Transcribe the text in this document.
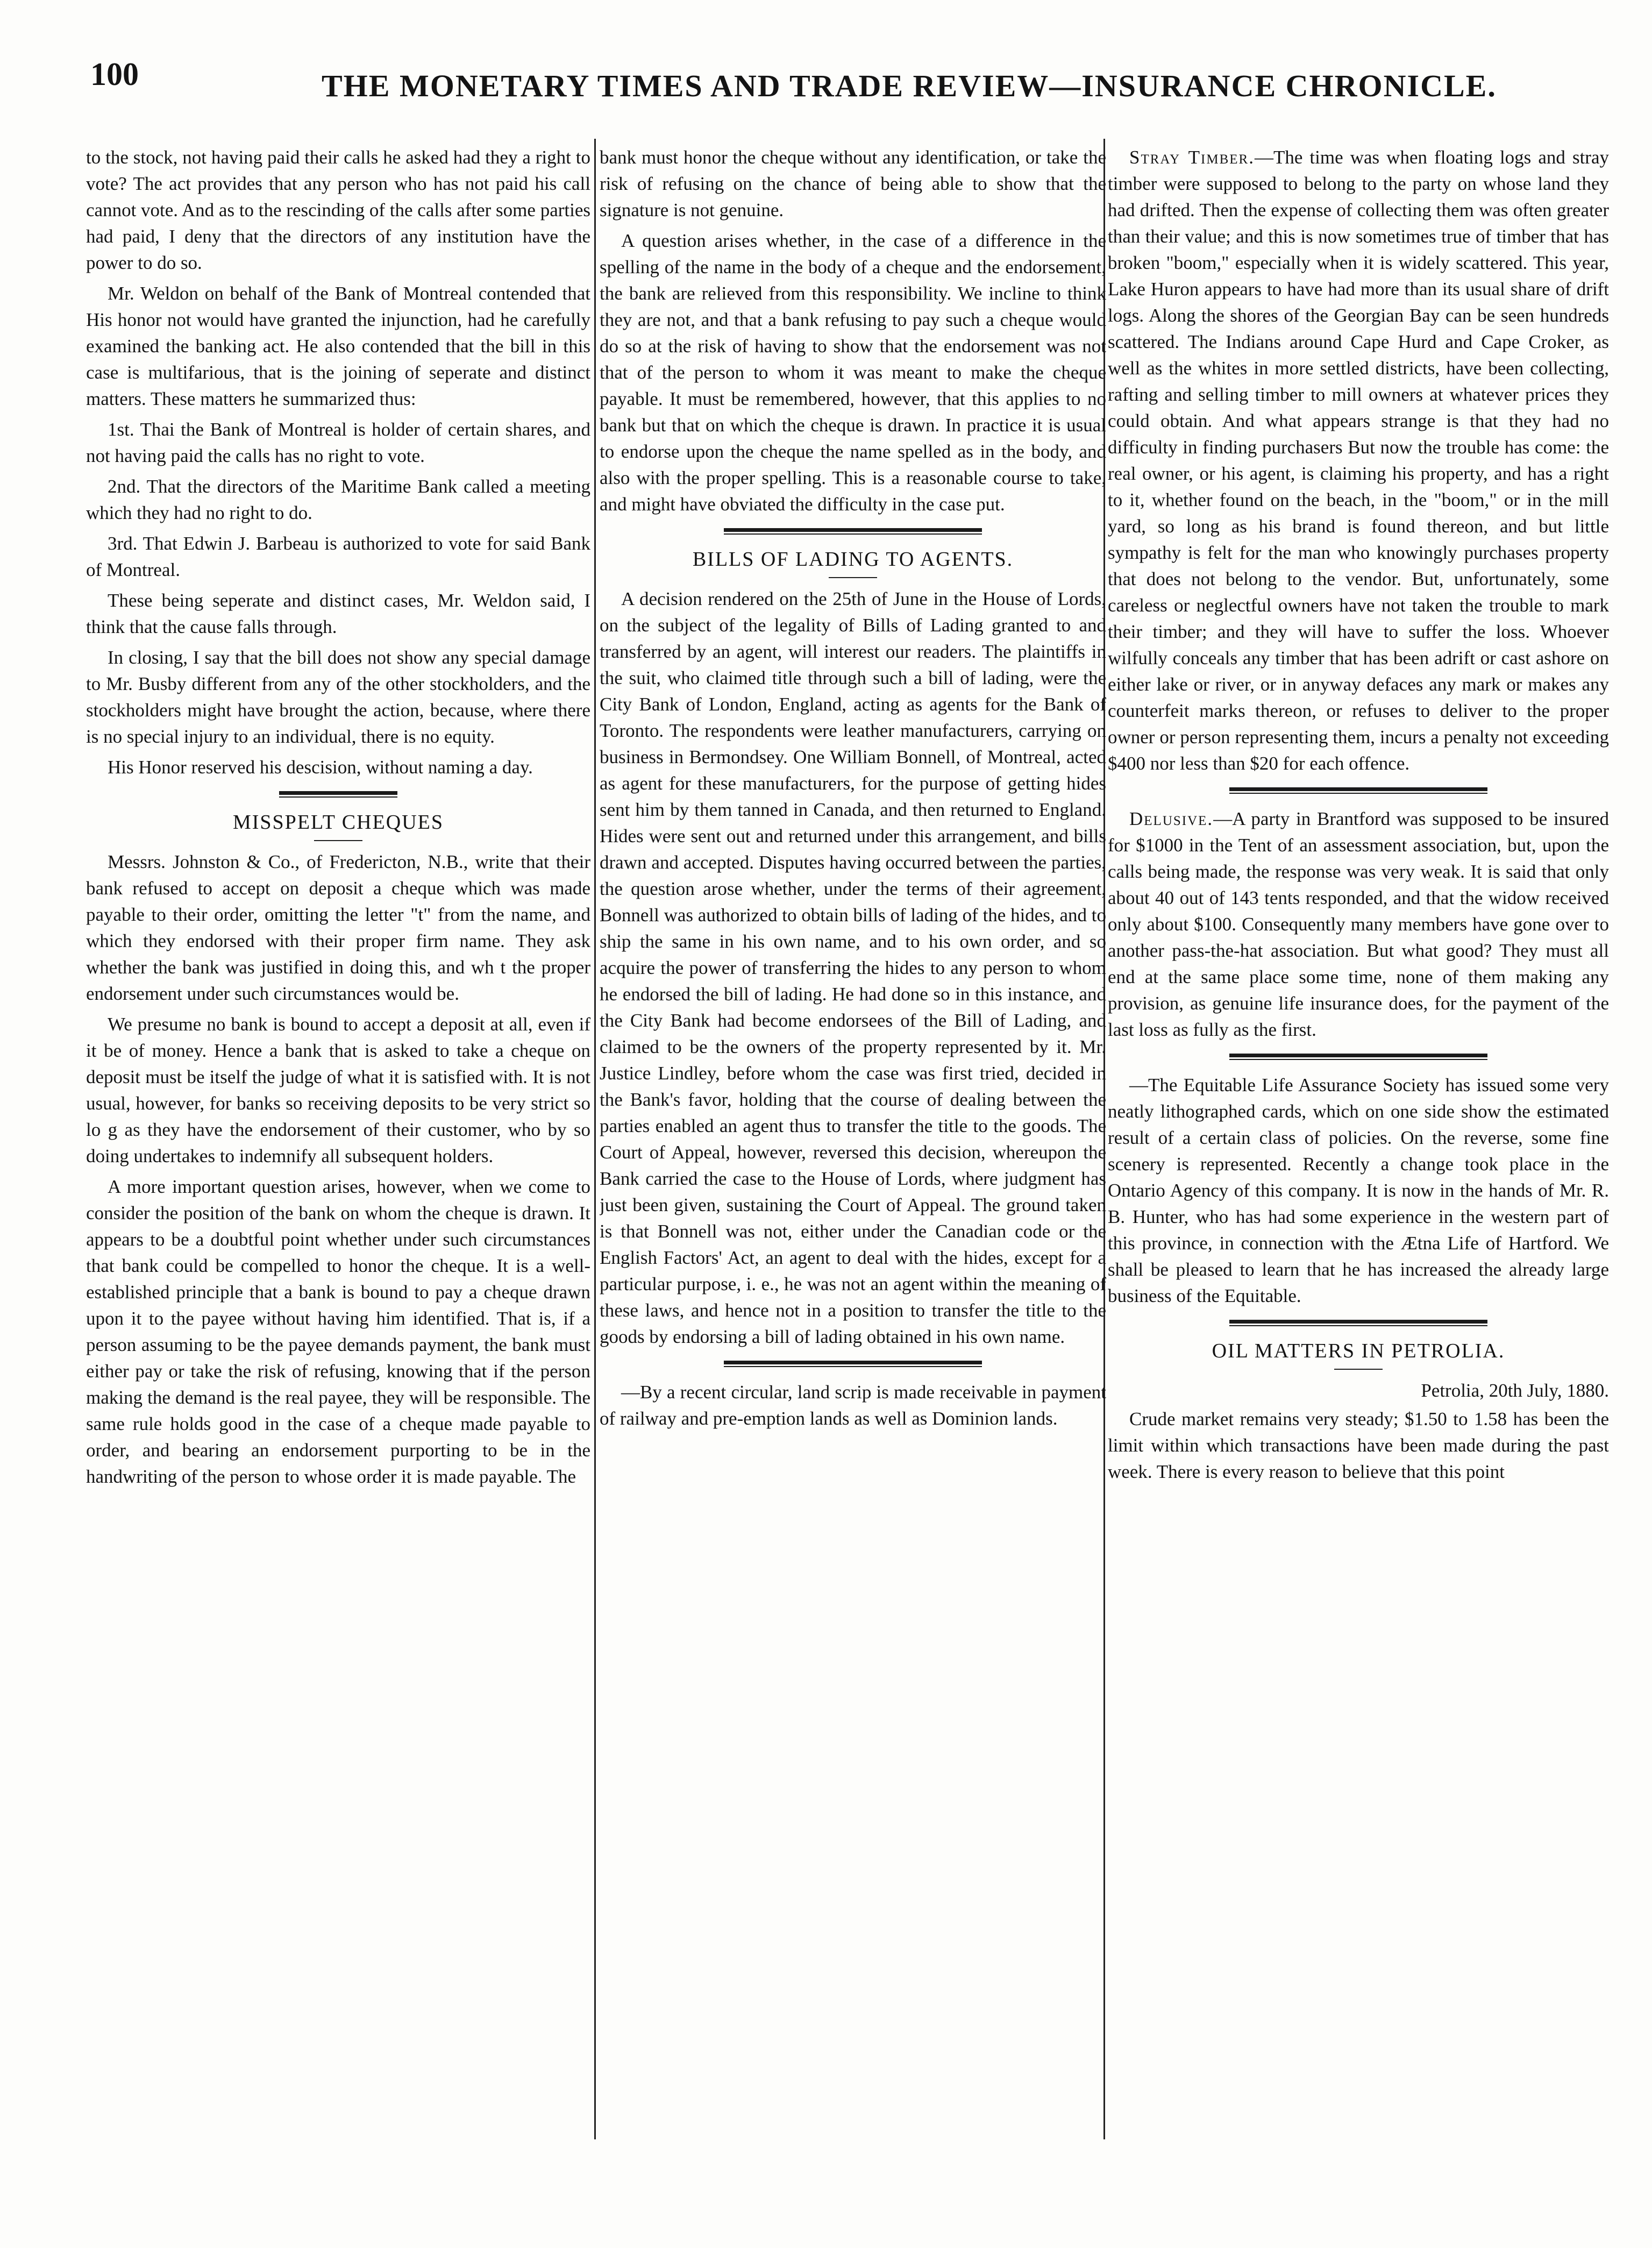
100	THE MONETARY TIMES AND TRADE REVIEW—INSURANCE CHRONICLE.

to the stock, not having paid their calls he asked had they a right to vote? The act provides that any person who has not paid his call cannot vote. And as to the rescinding of the calls after some parties had paid, I deny that the directors of any institution have the power to do so.

Mr. Weldon on behalf of the Bank of Montreal contended that His honor not would have granted the injunction, had he carefully examined the banking act. He also contended that the bill in this case is multifarious, that is the joining of seperate and distinct matters. These matters he summarized thus:

1st. Thai the Bank of Montreal is holder of certain shares, and not having paid the calls has no right to vote.

2nd. That the directors of the Maritime Bank called a meeting which they had no right to do.

3rd. That Edwin J. Barbeau is authorized to vote for said Bank of Montreal.

These being seperate and distinct cases, Mr. Weldon said, I think that the cause falls through.

In closing, I say that the bill does not show any special damage to Mr. Busby different from any of the other stockholders, and the stockholders might have brought the action, because, where there is no special injury to an individual, there is no equity.

His Honor reserved his descision, without naming a day.

MISSPELT CHEQUES

Messrs. Johnston & Co., of Fredericton, N.B., write that their bank refused to accept on deposit a cheque which was made payable to their order, omitting the letter "t" from the name, and which they endorsed with their proper firm name. They ask whether the bank was justified in doing this, and wh t the proper endorsement under such circumstances would be.

We presume no bank is bound to accept a deposit at all, even if it be of money. Hence a bank that is asked to take a cheque on deposit must be itself the judge of what it is satisfied with. It is not usual, however, for banks so receiving deposits to be very strict so lo g as they have the endorsement of their customer, who by so doing undertakes to indemnify all subsequent holders.

A more important question arises, however, when we come to consider the position of the bank on whom the cheque is drawn. It appears to be a doubtful point whether under such circumstances that bank could be compelled to honor the cheque. It is a well-established principle that a bank is bound to pay a cheque drawn upon it to the payee without having him identified. That is, if a person assuming to be the payee demands payment, the bank must either pay or take the risk of refusing, knowing that if the person making the demand is the real payee, they will be responsible. The same rule holds good in the case of a cheque made payable to order, and bearing an endorsement purporting to be in the handwriting of the person to whose order it is made payable. The

bank must honor the cheque without any identification, or take the risk of refusing on the chance of being able to show that the signature is not genuine.

A question arises whether, in the case of a difference in the spelling of the name in the body of a cheque and the endorsement, the bank are relieved from this responsibility. We incline to think they are not, and that a bank refusing to pay such a cheque would do so at the risk of having to show that the endorsement was not that of the person to whom it was meant to make the cheque payable. It must be remembered, however, that this applies to no bank but that on which the cheque is drawn. In practice it is usual to endorse upon the cheque the name spelled as in the body, and also with the proper spelling. This is a reasonable course to take, and might have obviated the difficulty in the case put.

BILLS OF LADING TO AGENTS.

A decision rendered on the 25th of June in the House of Lords, on the subject of the legality of Bills of Lading granted to and transferred by an agent, will interest our readers. The plaintiffs in the suit, who claimed title through such a bill of lading, were the City Bank of London, England, acting as agents for the Bank of Toronto. The respondents were leather manufacturers, carrying on business in Bermondsey. One William Bonnell, of Montreal, acted as agent for these manufacturers, for the purpose of getting hides sent him by them tanned in Canada, and then returned to England. Hides were sent out and returned under this arrangement, and bills drawn and accepted. Disputes having occurred between the parties, the question arose whether, under the terms of their agreement, Bonnell was authorized to obtain bills of lading of the hides, and to ship the same in his own name, and to his own order, and so acquire the power of transferring the hides to any person to whom he endorsed the bill of lading. He had done so in this instance, and the City Bank had become endorsees of the Bill of Lading, and claimed to be the owners of the property represented by it. Mr. Justice Lindley, before whom the case was first tried, decided in the Bank's favor, holding that the course of dealing between the parties enabled an agent thus to transfer the title to the goods. The Court of Appeal, however, reversed this decision, whereupon the Bank carried the case to the House of Lords, where judgment has just been given, sustaining the Court of Appeal. The ground taken is that Bonnell was not, either under the Canadian code or the English Factors' Act, an agent to deal with the hides, except for a particular purpose, i. e., he was not an agent within the meaning of these laws, and hence not in a position to transfer the title to the goods by endorsing a bill of lading obtained in his own name.

—By a recent circular, land scrip is made receivable in payment of railway and pre-emption lands as well as Dominion lands.

Stray Timber.—The time was when floating logs and stray timber were supposed to belong to the party on whose land they had drifted. Then the expense of collecting them was often greater than their value; and this is now sometimes true of timber that has broken "boom," especially when it is widely scattered. This year, Lake Huron appears to have had more than its usual share of drift logs. Along the shores of the Georgian Bay can be seen hundreds scattered. The Indians around Cape Hurd and Cape Croker, as well as the whites in more settled districts, have been collecting, rafting and selling timber to mill owners at whatever prices they could obtain. And what appears strange is that they had no difficulty in finding purchasers But now the trouble has come: the real owner, or his agent, is claiming his property, and has a right to it, whether found on the beach, in the "boom," or in the mill yard, so long as his brand is found thereon, and but little sympathy is felt for the man who knowingly purchases property that does not belong to the vendor. But, unfortunately, some careless or neglectful owners have not taken the trouble to mark their timber; and they will have to suffer the loss. Whoever wilfully conceals any timber that has been adrift or cast ashore on either lake or river, or in anyway defaces any mark or makes any counterfeit marks thereon, or refuses to deliver to the proper owner or person representing them, incurs a penalty not exceeding $400 nor less than $20 for each offence.

Delusive.—A party in Brantford was supposed to be insured for $1000 in the Tent of an assessment association, but, upon the calls being made, the response was very weak. It is said that only about 40 out of 143 tents responded, and that the widow received only about $100. Consequently many members have gone over to another pass-the-hat association. But what good? They must all end at the same place some time, none of them making any provision, as genuine life insurance does, for the payment of the last loss as fully as the first.

—The Equitable Life Assurance Society has issued some very neatly lithographed cards, which on one side show the estimated result of a certain class of policies. On the reverse, some fine scenery is represented. Recently a change took place in the Ontario Agency of this company. It is now in the hands of Mr. R. B. Hunter, who has had some experience in the western part of this province, in connection with the Ætna Life of Hartford. We shall be pleased to learn that he has increased the already large business of the Equitable.

OIL MATTERS IN PETROLIA.

Petrolia, 20th July, 1880.

Crude market remains very steady; $1.50 to 1.58 has been the limit within which transactions have been made during the past week. There is every reason to believe that this point
